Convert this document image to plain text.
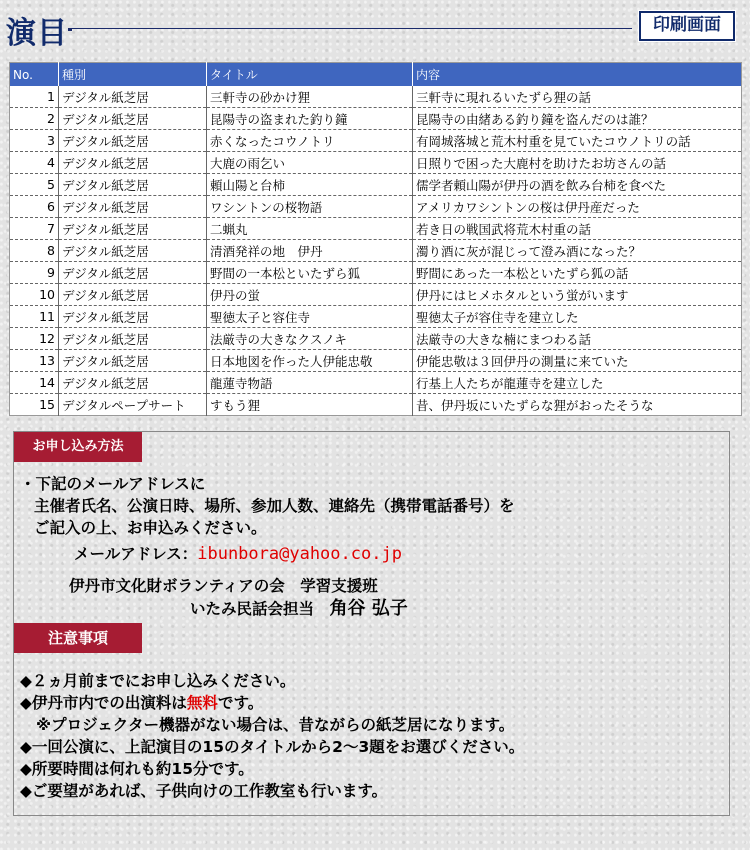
演目	印刷画面
No.	種別	タイトル	内容
1	デジタル紙芝居	三軒寺の砂かけ狸	三軒寺に現れるいたずら狸の話
2	デジタル紙芝居	昆陽寺の盗まれた釣り鐘	昆陽寺の由緒ある釣り鐘を盗んだのは誰？
3	デジタル紙芝居	赤くなったコウノトリ	有岡城落城と荒木村重を見ていたコウノトリの話
4	デジタル紙芝居	大鹿の雨乞い	日照りで困った大鹿村を助けたお坊さんの話
5	デジタル紙芝居	頼山陽と台柿	儒学者頼山陽が伊丹の酒を飲み台柿を食べた
6	デジタル紙芝居	ワシントンの桜物語	アメリカワシントンの桜は伊丹産だった
7	デジタル紙芝居	二蝋丸	若き日の戦国武将荒木村重の話
8	デジタル紙芝居	清酒発祥の地　伊丹	濁り酒に灰が混じって澄み酒になった？
9	デジタル紙芝居	野間の一本松といたずら狐	野間にあった一本松といたずら狐の話
10	デジタル紙芝居	伊丹の蛍	伊丹にはヒメホタルという蛍がいます
11	デジタル紙芝居	聖徳太子と容住寺	聖徳太子が容住寺を建立した
12	デジタル紙芝居	法厳寺の大きなクスノキ	法厳寺の大きな楠にまつわる話
13	デジタル紙芝居	日本地図を作った人伊能忠敬	伊能忠敬は３回伊丹の測量に来ていた
14	デジタル紙芝居	龍蓮寺物語	行基上人たちが龍蓮寺を建立した
15	デジタルペープサート	すもう狸	昔、伊丹坂にいたずらな狸がおったそうな
お申し込み方法
・下記のメールアドレスに
主催者氏名、公演日時、場所、参加人数、連絡先（携帯電話番号）を
ご記入の上、お申込みください。
メールアドレス：ibunbora@yahoo.co.jp
伊丹市文化財ボランティアの会　学習支援班
いたみ民話会担当　 角谷 弘子
注意事項
◆２ヵ月前までにお申し込みください。
◆伊丹市内での出演料は無料です。
※プロジェクター機器がない場合は、昔ながらの紙芝居になります。
◆一回公演に、上記演目の15のタイトルから2～3題をお選びください。
◆所要時間は何れも約15分です。
◆ご要望があれば、子供向けの工作教室も行います。
